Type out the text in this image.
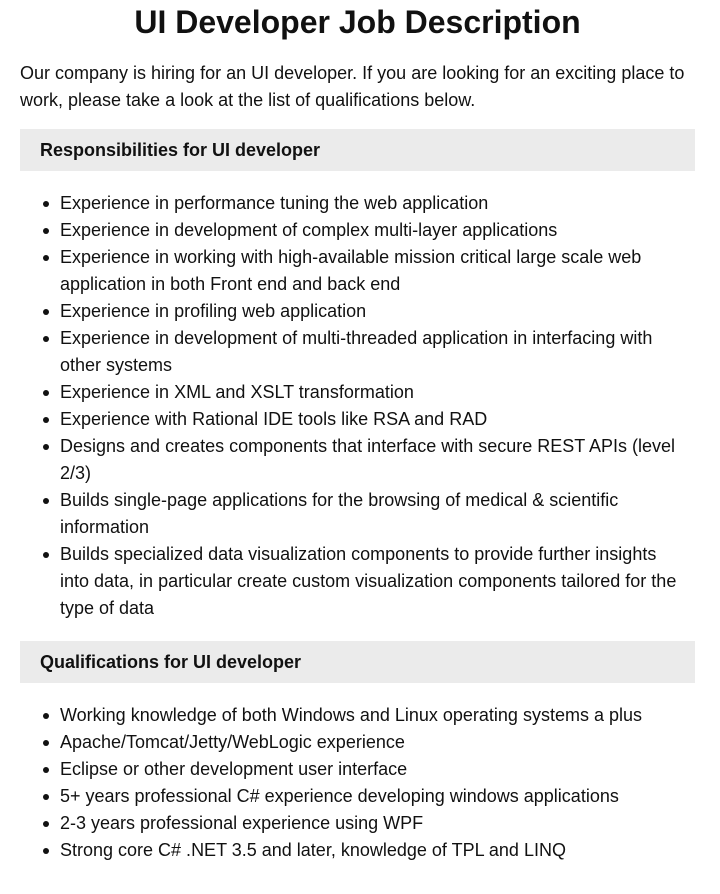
UI Developer Job Description

Our company is hiring for an UI developer. If you are looking for an exciting place to work, please take a look at the list of qualifications below.

Responsibilities for UI developer
Experience in performance tuning the web application
Experience in development of complex multi-layer applications
Experience in working with high-available mission critical large scale web application in both Front end and back end
Experience in profiling web application
Experience in development of multi-threaded application in interfacing with other systems
Experience in XML and XSLT transformation
Experience with Rational IDE tools like RSA and RAD
Designs and creates components that interface with secure REST APIs (level 2/3)
Builds single-page applications for the browsing of medical & scientific information
Builds specialized data visualization components to provide further insights into data, in particular create custom visualization components tailored for the type of data
Qualifications for UI developer
Working knowledge of both Windows and Linux operating systems a plus
Apache/Tomcat/Jetty/WebLogic experience
Eclipse or other development user interface
5+ years professional C# experience developing windows applications
2-3 years professional experience using WPF
Strong core C# .NET 3.5 and later, knowledge of TPL and LINQ
